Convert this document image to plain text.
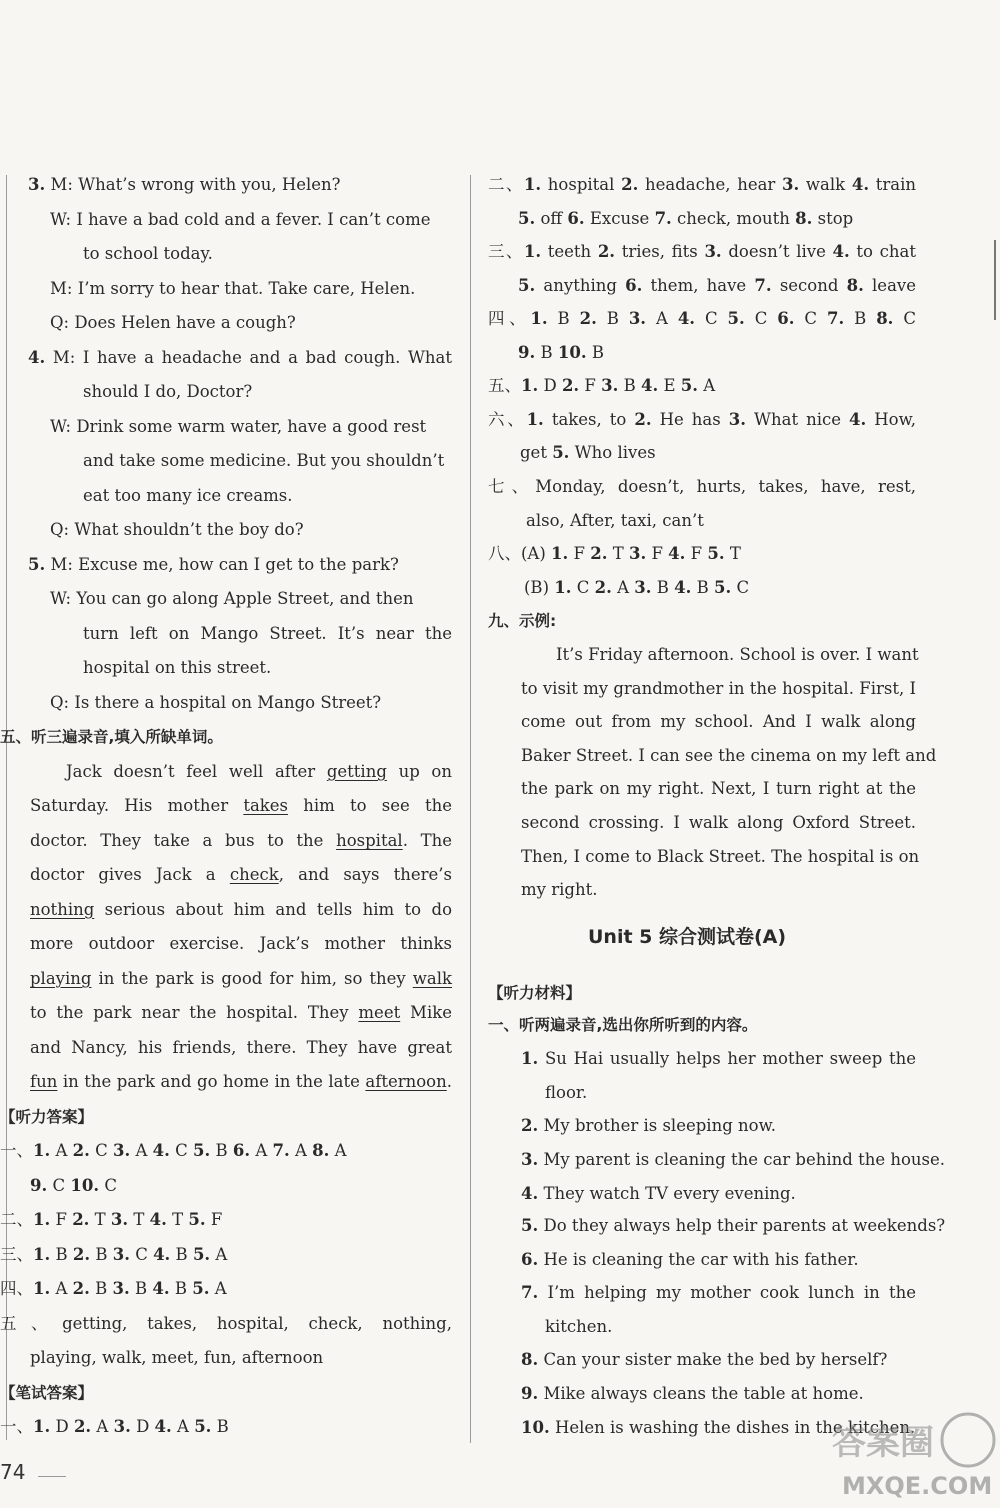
3. M: What’s wrong with you, Helen?
W: I have a bad cold and a fever. I can’t come
to school today.
M: I’m sorry to hear that. Take care, Helen.
Q: Does Helen have a cough?
4. M: I have a headache and a bad cough. What
should I do, Doctor?
W: Drink some warm water, have a good rest
and take some medicine. But you shouldn’t
eat too many ice creams.
Q: What shouldn’t the boy do?
5. M: Excuse me, how can I get to the park?
W: You can go along Apple Street, and then
turn left on Mango Street. It’s near the
hospital on this street.
Q: Is there a hospital on Mango Street?
五、听三遍录音,填入所缺单词。
Jack doesn’t feel well after getting up on
Saturday. His mother takes him to see the
doctor. They take a bus to the hospital. The
doctor gives Jack a check, and says there’s
nothing serious about him and tells him to do
more outdoor exercise. Jack’s mother thinks
playing in the park is good for him, so they walk
to the park near the hospital. They meet Mike
and Nancy, his friends, there. They have great
fun in the park and go home in the late afternoon.
【听力答案】
一、1. A 2. C 3. A 4. C 5. B 6. A 7. A 8. A
9. C 10. C
二、1. F 2. T 3. T 4. T 5. F
三、1. B 2. B 3. C 4. B 5. A
四、1. A 2. B 3. B 4. B 5. A
五、getting, takes, hospital, check, nothing,
playing, walk, meet, fun, afternoon
【笔试答案】
一、1. D 2. A 3. D 4. A 5. B
二、1. hospital 2. headache, hear 3. walk 4. train
5. off 6. Excuse 7. check, mouth 8. stop
三、1. teeth 2. tries, fits 3. doesn’t live 4. to chat
5. anything 6. them, have 7. second 8. leave
四、1. B 2. B 3. A 4. C 5. C 6. C 7. B 8. C
9. B 10. B
五、1. D 2. F 3. B 4. E 5. A
六、1. takes, to 2. He has 3. What nice 4. How,
get 5. Who lives
七、Monday, doesn’t, hurts, takes, have, rest,
also, After, taxi, can’t
八、(A) 1. F 2. T 3. F 4. F 5. T
(B) 1. C 2. A 3. B 4. B 5. C
九、示例:
It’s Friday afternoon. School is over. I want
to visit my grandmother in the hospital. First, I
come out from my school. And I walk along
Baker Street. I can see the cinema on my left and
the park on my right. Next, I turn right at the
second crossing. I walk along Oxford Street.
Then, I come to Black Street. The hospital is on
my right.
Unit 5 综合测试卷(A)
【听力材料】
一、听两遍录音,选出你所听到的内容。
1. Su Hai usually helps her mother sweep the
floor.
2. My brother is sleeping now.
3. My parent is cleaning the car behind the house.
4. They watch TV every evening.
5. Do they always help their parents at weekends?
6. He is cleaning the car with his father.
7. I’m helping my mother cook lunch in the
kitchen.
8. Can your sister make the bed by herself?
9. Mike always cleans the table at home.
10. Helen is washing the dishes in the kitchen.
74
答案圈
MXQE.COM
